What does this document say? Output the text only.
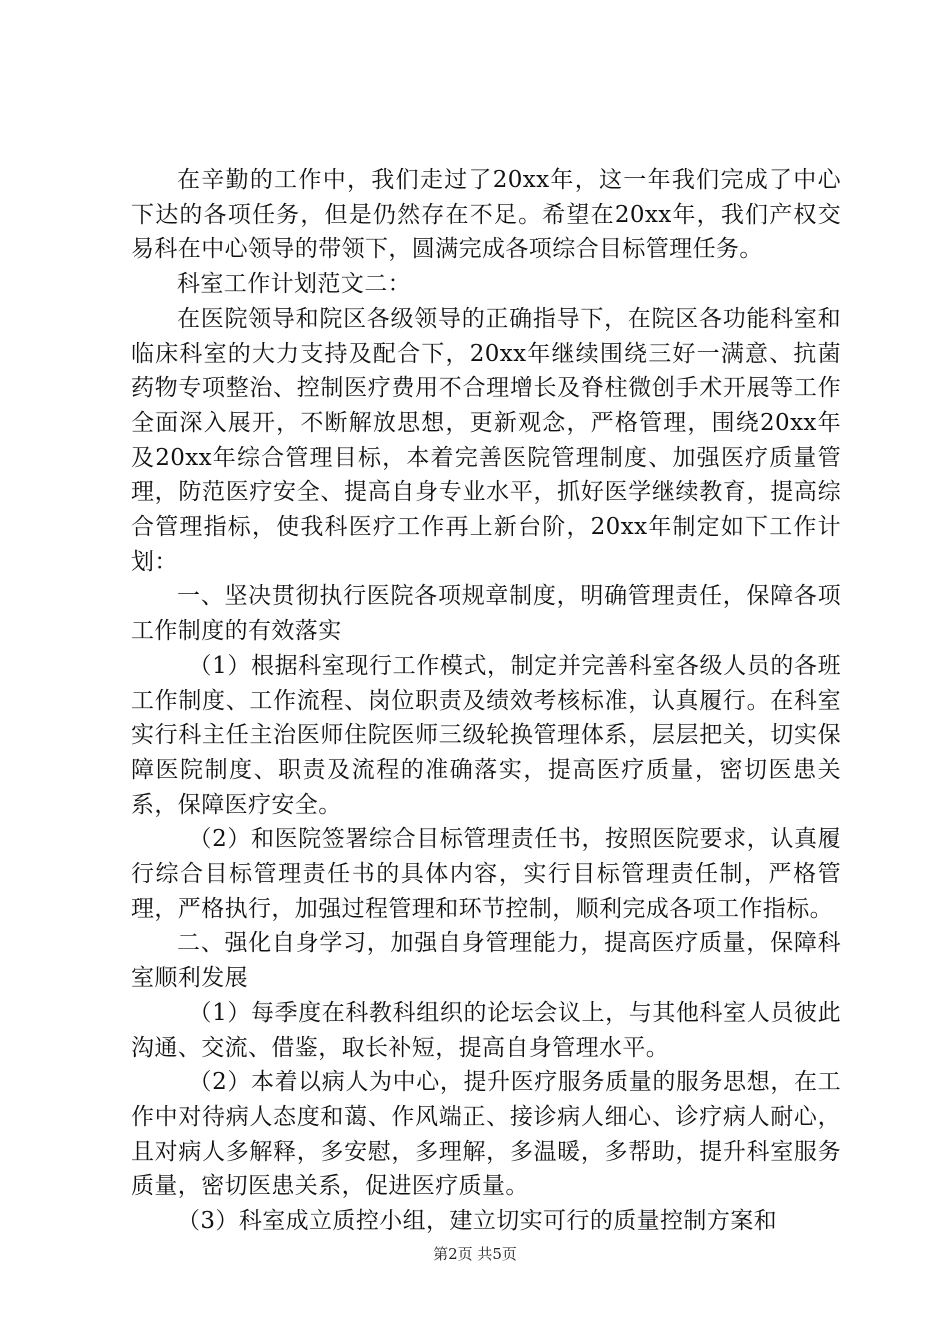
在辛勤的工作中，我们走过了20xx年，这一年我们完成了中心下达的各项任务，但是仍然存在不足。希望在20xx年，我们产权交易科在中心领导的带领下，圆满完成各项综合目标管理任务。

科室工作计划范文二：

在医院领导和院区各级领导的正确指导下，在院区各功能科室和临床科室的大力支持及配合下，20xx年继续围绕三好一满意、抗菌药物专项整治、控制医疗费用不合理增长及脊柱微创手术开展等工作全面深入展开，不断解放思想，更新观念，严格管理，围绕20xx年及20xx年综合管理目标，本着完善医院管理制度、加强医疗质量管理，防范医疗安全、提高自身专业水平，抓好医学继续教育，提高综合管理指标，使我科医疗工作再上新台阶，20xx年制定如下工作计划：

一、坚决贯彻执行医院各项规章制度，明确管理责任，保障各项工作制度的有效落实

（1）根据科室现行工作模式，制定并完善科室各级人员的各班工作制度、工作流程、岗位职责及绩效考核标准，认真履行。在科室实行科主任主治医师住院医师三级轮换管理体系，层层把关，切实保障医院制度、职责及流程的准确落实，提高医疗质量，密切医患关系，保障医疗安全。

（2）和医院签署综合目标管理责任书，按照医院要求，认真履行综合目标管理责任书的具体内容，实行目标管理责任制，严格管理，严格执行，加强过程管理和环节控制，顺利完成各项工作指标。

二、强化自身学习，加强自身管理能力，提高医疗质量，保障科室顺利发展

（1）每季度在科教科组织的论坛会议上，与其他科室人员彼此沟通、交流、借鉴，取长补短，提高自身管理水平。

（2）本着以病人为中心，提升医疗服务质量的服务思想，在工作中对待病人态度和蔼、作风端正、接诊病人细心、诊疗病人耐心，且对病人多解释，多安慰，多理解，多温暖，多帮助，提升科室服务质量，密切医患关系，促进医疗质量。

（3）科室成立质控小组，建立切实可行的质量控制方案和

第2页 共5页
